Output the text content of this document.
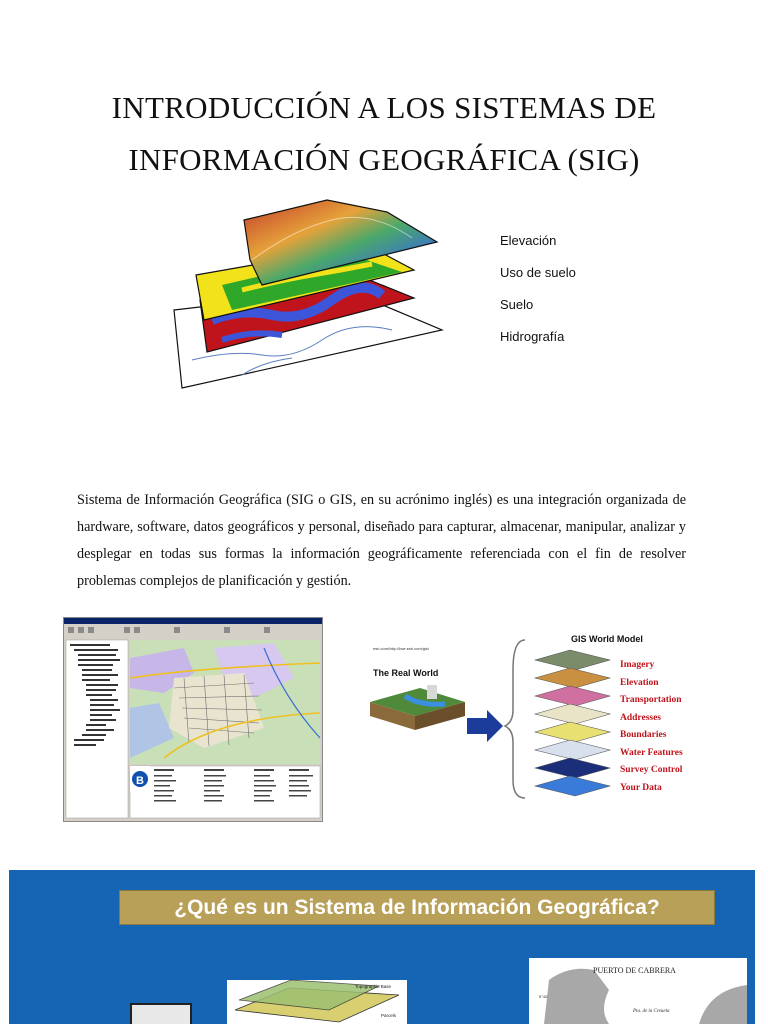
INTRODUCCIÓN A LOS SISTEMAS DE
INFORMACIÓN GEOGRÁFICA (SIG)
Elevación
Uso de suelo
Suelo
Hidrografía
Sistema de Información Geográfica (SIG o GIS, en su acrónimo inglés) es una integración organizada de hardware, software, datos geográficos y personal, diseñado para capturar, almacenar, manipular, analizar y desplegar en todas sus formas la información geográficamente referenciada con el fin de resolver problemas complejos de planificación y gestión.
B
esri.com/http://bwr.esri.com/gis/
GIS World Model
The Real World
Imagery
Elevation
Transportation
Addresses
Boundaries
Water Features
Survey Control
Your Data
¿Qué es un Sistema de Información Geográfica?
5°40'
PUERTO DE CABRERA
Pta. de la Creueta
Topographic Base
Parcels
